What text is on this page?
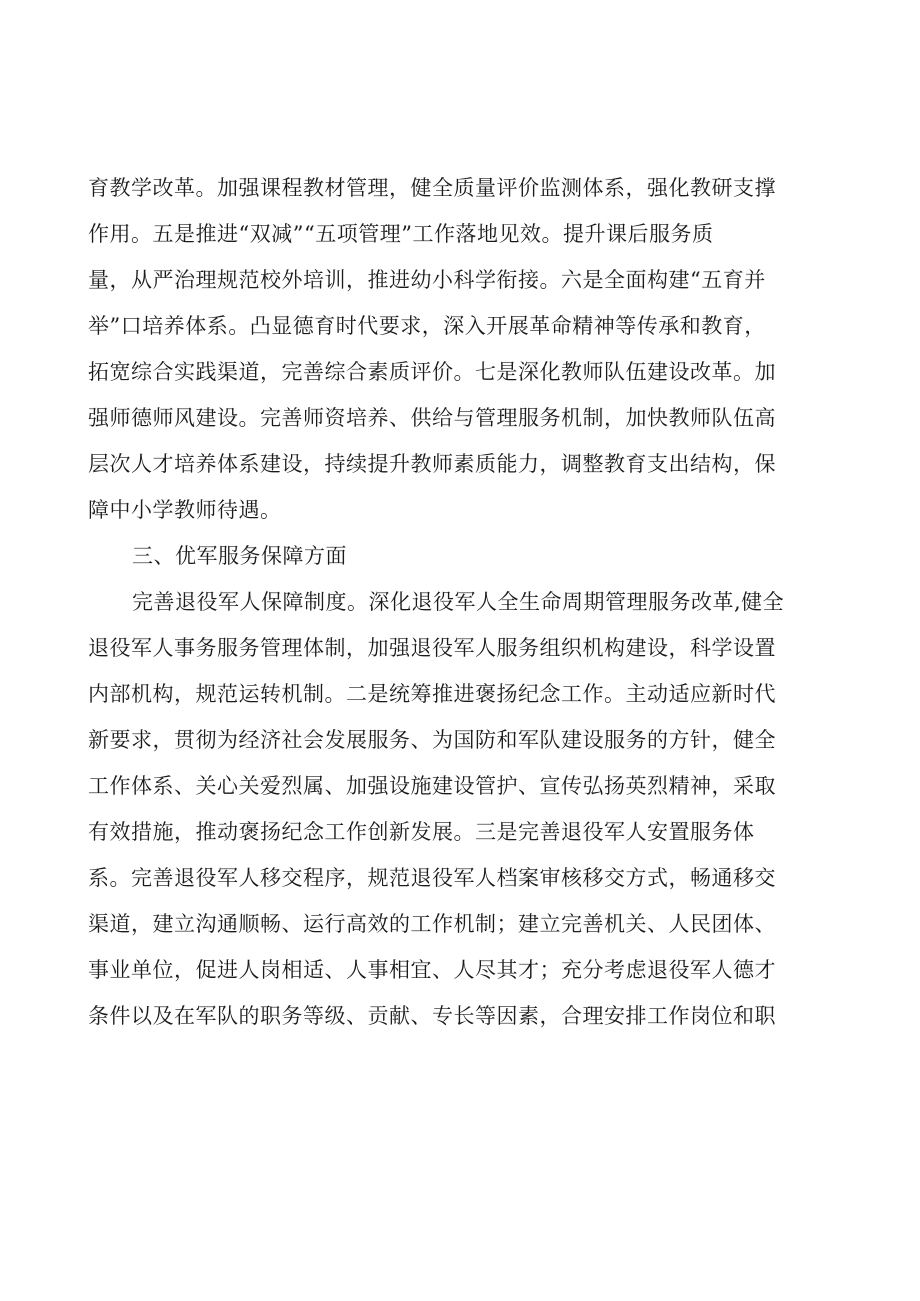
育教学改革。加强课程教材管理，健全质量评价监测体系，强化教研支撑
作用。五是推进“双减”“五项管理”工作落地见效。提升课后服务质
量，从严治理规范校外培训，推进幼小科学衔接。六是全面构建“五育并
举”口培养体系。凸显德育时代要求，深入开展革命精神等传承和教育，
拓宽综合实践渠道，完善综合素质评价。七是深化教师队伍建设改革。加
强师德师风建设。完善师资培养、供给与管理服务机制，加快教师队伍高
层次人才培养体系建设，持续提升教师素质能力，调整教育支出结构，保
障中小学教师待遇。
三、优军服务保障方面
完善退役军人保障制度。深化退役军人全生命周期管理服务改革,健全
退役军人事务服务管理体制，加强退役军人服务组织机构建设，科学设置
内部机构，规范运转机制。二是统筹推进褒扬纪念工作。主动适应新时代
新要求，贯彻为经济社会发展服务、为国防和军队建设服务的方针，健全
工作体系、关心关爱烈属、加强设施建设管护、宣传弘扬英烈精神，采取
有效措施，推动褒扬纪念工作创新发展。三是完善退役军人安置服务体
系。完善退役军人移交程序，规范退役军人档案审核移交方式，畅通移交
渠道，建立沟通顺畅、运行高效的工作机制；建立完善机关、人民团体、
事业单位，促进人岗相适、人事相宜、人尽其才；充分考虑退役军人德才
条件以及在军队的职务等级、贡献、专长等因素，合理安排工作岗位和职
